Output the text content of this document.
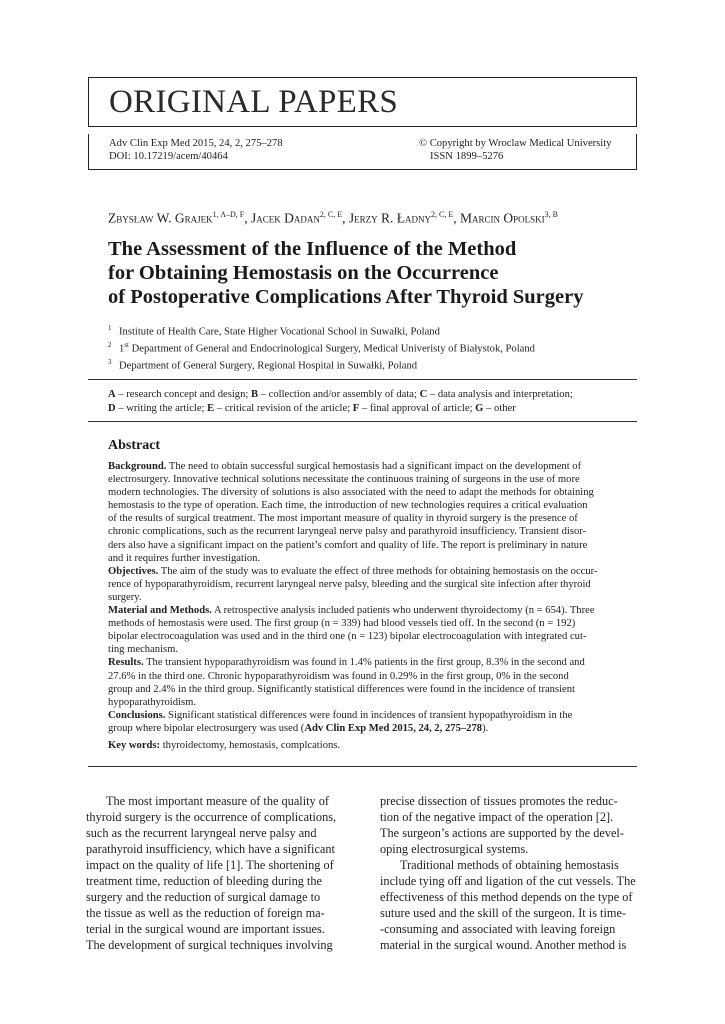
ORIGINAL PAPERS
Adv Clin Exp Med 2015, 24, 2, 275–278
DOI: 10.17219/acem/40464
© Copyright by Wroclaw Medical University
ISSN 1899–5276
Zbysław W. Grajek$^{1, A-D, F}$, Jacek Dadan$^{2, C, E}$, Jerzy R. Ładny$^{2, C, E}$, Marcin Opolski$^{3, B}$
The Assessment of the Influence of the Method
for Obtaining Hemostasis on the Occurrence
of Postoperative Complications After Thyroid Surgery
$^1$ Institute of Health Care, State Higher Vocational School in Suwałki, Poland
$^2$ 1st Department of General and Endocrinological Surgery, Medical Univeristy of Białystok, Poland
$^3$ Department of General Surgery, Regional Hospital in Suwałki, Poland
A – research concept and design; B – collection and/or assembly of data; C – data analysis and interpretation;
D – writing the article; E – critical revision of the article; F – final approval of article; G – other
Abstract
Background. The need to obtain successful surgical hemostasis had a significant impact on the development of
electrosurgery. Innovative technical solutions necessitate the continuous training of surgeons in the use of more
modern technologies. The diversity of solutions is also associated with the need to adapt the methods for obtaining
hemostasis to the type of operation. Each time, the introduction of new technologies requires a critical evaluation
of the results of surgical treatment. The most important measure of quality in thyroid surgery is the presence of
chronic complications, such as the recurrent laryngeal nerve palsy and parathyroid insufficiency. Transient disor-
ders also have a significant impact on the patient’s comfort and quality of life. The report is preliminary in nature
and it requires further investigation.
Objectives. The aim of the study was to evaluate the effect of three methods for obtaining hemostasis on the occur-
rence of hypoparathyroidism, recurrent laryngeal nerve palsy, bleeding and the surgical site infection after thyroid
surgery.
Material and Methods. A retrospective analysis included patients who underwent thyroidectomy (n = 654). Three
methods of hemostasis were used. The first group (n = 339) had blood vessels tied off. In the second (n = 192)
bipolar electrocoagulation was used and in the third one (n = 123) bipolar electrocoagulation with integrated cut-
ting mechanism.
Results. The transient hypoparathyroidism was found in 1.4% patients in the first group, 8.3% in the second and
27.6% in the third one. Chronic hypoparathyroidism was found in 0.29% in the first group, 0% in the second
group and 2.4% in the third group. Significantly statistical differences were found in the incidence of transient
hypoparathyroidism.
Conclusions. Significant statistical differences were found in incidences of transient hypopathyroidism in the
group where bipolar electrosurgery was used (Adv Clin Exp Med 2015, 24, 2, 275–278).
Key words: thyroidectomy, hemostasis, complcations.
The most important measure of the quality of
thyroid surgery is the occurrence of complications,
such as the recurrent laryngeal nerve palsy and
parathyroid insufficiency, which have a significant
impact on the quality of life [1]. The shortening of
treatment time, reduction of bleeding during the
surgery and the reduction of surgical damage to
the tissue as well as the reduction of foreign ma-
terial in the surgical wound are important issues.
The development of surgical techniques involving
precise dissection of tissues promotes the reduc-
tion of the negative impact of the operation [2].
The surgeon’s actions are supported by the devel-
oping electrosurgical systems.
Traditional methods of obtaining hemostasis
include tying off and ligation of the cut vessels. The
effectiveness of this method depends on the type of
suture used and the skill of the surgeon. It is time-
-consuming and associated with leaving foreign
material in the surgical wound. Another method is
